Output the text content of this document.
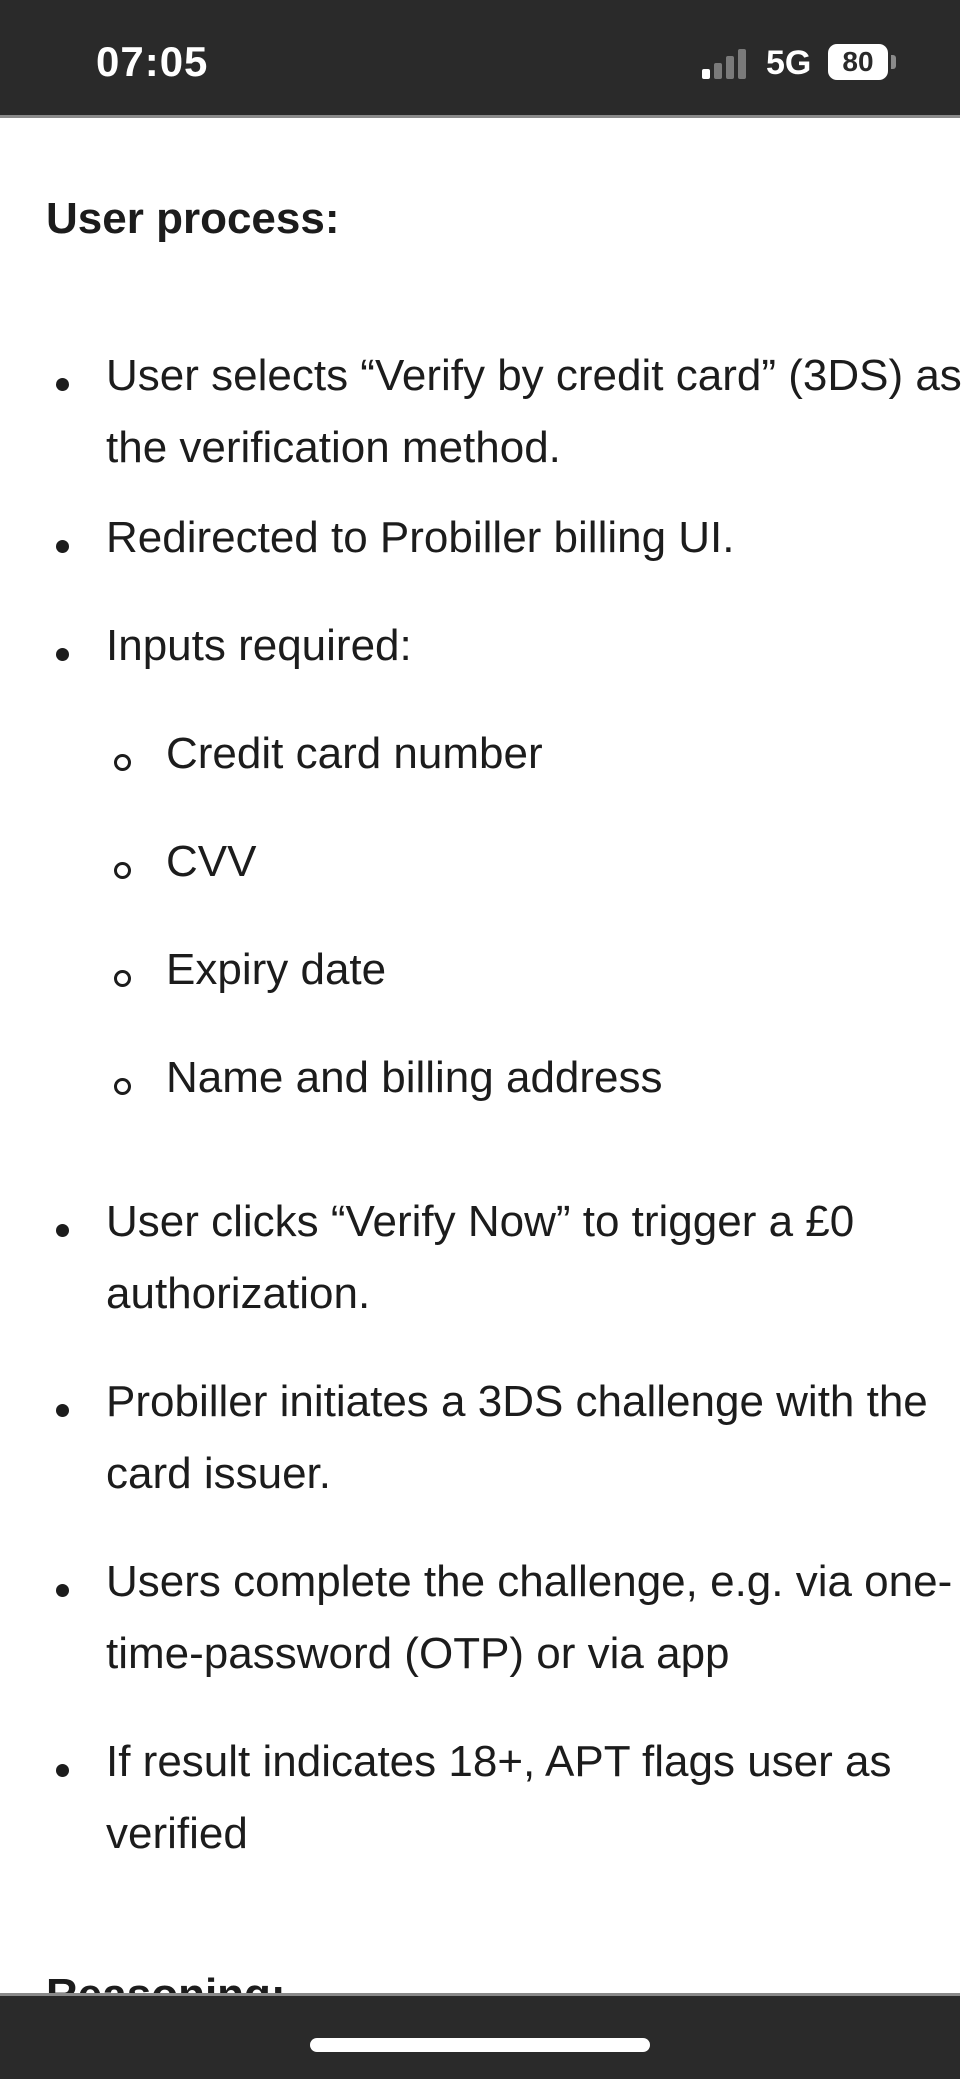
07:05	5G	80
User process:
User selects “Verify by credit card” (3DS) as the verification method.
Redirected to Probiller billing UI.
Inputs required:
Credit card number
CVV
Expiry date
Name and billing address
User clicks “Verify Now” to trigger a £0 authorization.
Probiller initiates a 3DS challenge with the card issuer.
Users complete the challenge, e.g. via one-time-password (OTP) or via app
If result indicates 18+, APT flags user as verified
